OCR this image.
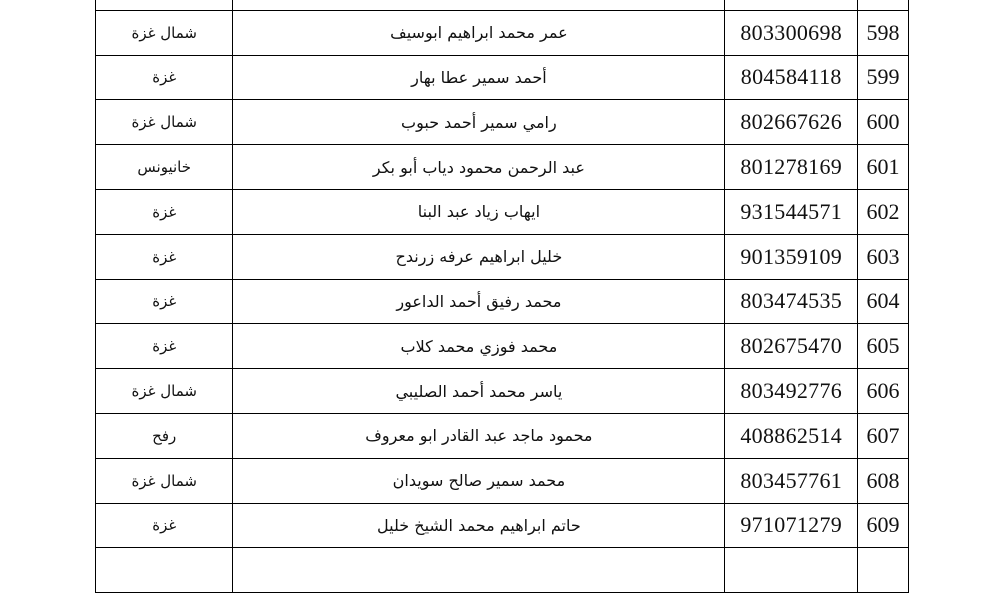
شمال غزة	عمر محمد ابراهيم ابوسيف	803300698	598
غزة	أحمد سمير عطا بهار	804584118	599
شمال غزة	رامي سمير أحمد حبوب	802667626	600
خانيونس	عبد الرحمن محمود دياب أبو بكر	801278169	601
غزة	ايهاب زياد عبد البنا	931544571	602
غزة	خليل ابراهيم عرفه زرندح	901359109	603
غزة	محمد رفيق أحمد الداعور	803474535	604
غزة	محمد فوزي محمد كلاب	802675470	605
شمال غزة	ياسر محمد أحمد الصليبي	803492776	606
رفح	محمود ماجد عبد القادر ابو معروف	408862514	607
شمال غزة	محمد سمير صالح سويدان	803457761	608
غزة	حاتم ابراهيم محمد الشيخ خليل	971071279	609
